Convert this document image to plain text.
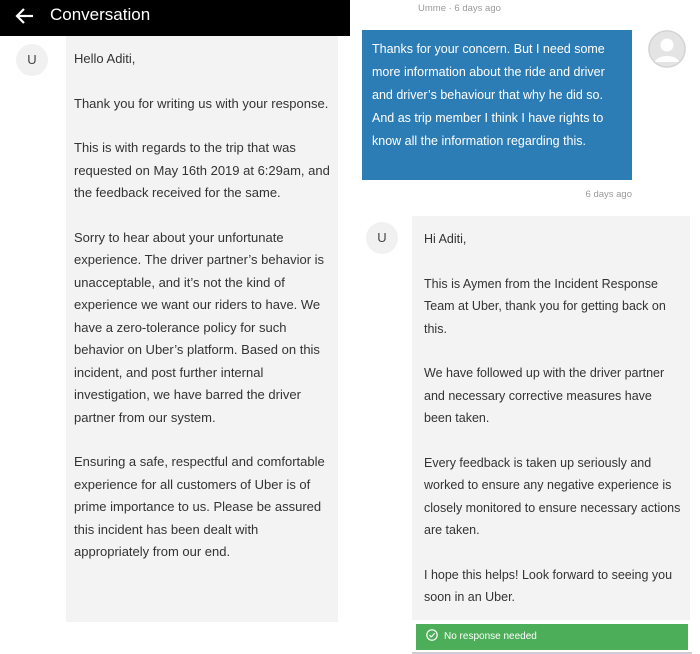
Conversation
U	Hello Aditi,

Thank you for writing us with your response.

This is with regards to the trip that was requested on May 16th 2019 at 6:29am, and the feedback received for the same.

Sorry to hear about your unfortunate experience. The driver partner’s behavior is unacceptable, and it’s not the kind of experience we want our riders to have. We have a zero-tolerance policy for such behavior on Uber’s platform. Based on this incident, and post further internal investigation, we have barred the driver partner from our system.

Ensuring a safe, respectful and comfortable experience for all customers of Uber is of prime importance to us. Please be assured this incident has been dealt with appropriately from our end.

Umme · 6 days ago

Thanks for your concern. But I need some more information about the ride and driver and driver’s behaviour that why he did so. And as trip member I think I have rights to know all the information regarding this.

6 days ago
U	Hi Aditi,

This is Aymen from the Incident Response Team at Uber, thank you for getting back on this.

We have followed up with the driver partner and necessary corrective measures have been taken.

Every feedback is taken up seriously and worked to ensure any negative experience is closely monitored to ensure necessary actions are taken.

I hope this helps! Look forward to seeing you soon in an Uber.

No response needed
